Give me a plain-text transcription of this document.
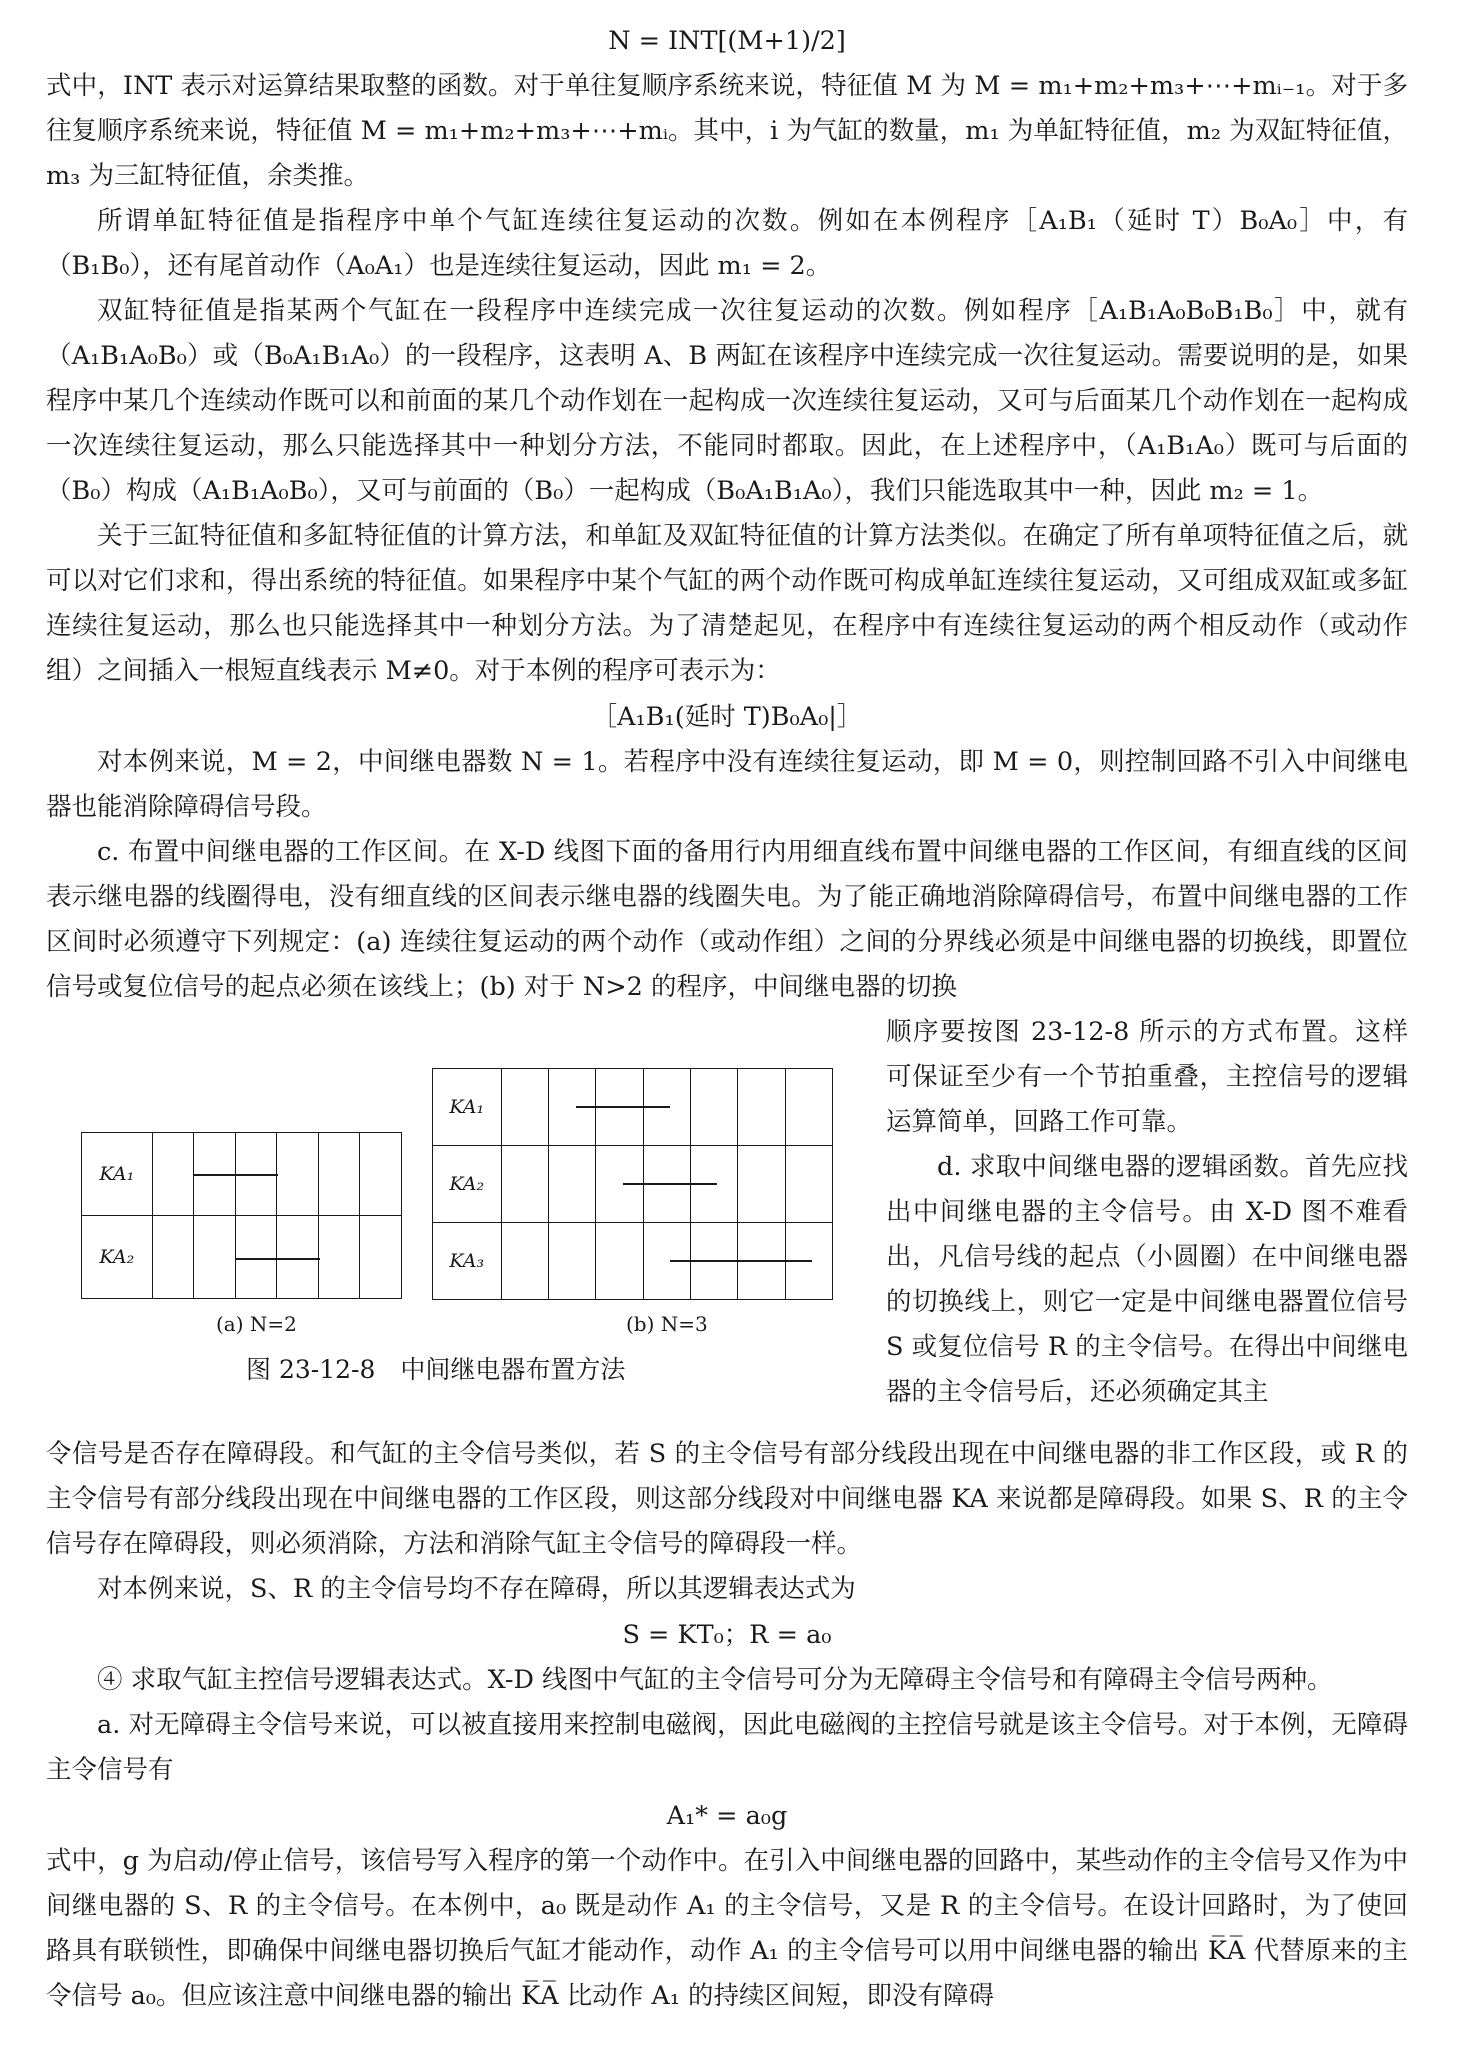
N = INT[(M+1)/2]

式中，INT 表示对运算结果取整的函数。对于单往复顺序系统来说，特征值 M 为 M = m₁+m₂+m₃+⋯+mᵢ₋₁。对于多往复顺序系统来说，特征值 M = m₁+m₂+m₃+⋯+mᵢ。其中，i 为气缸的数量，m₁ 为单缸特征值，m₂ 为双缸特征值，m₃ 为三缸特征值，余类推。

所谓单缸特征值是指程序中单个气缸连续往复运动的次数。例如在本例程序［A₁B₁（延时 T）B₀A₀］中，有（B₁B₀），还有尾首动作（A₀A₁）也是连续往复运动，因此 m₁ = 2。

双缸特征值是指某两个气缸在一段程序中连续完成一次往复运动的次数。例如程序［A₁B₁A₀B₀B₁B₀］中，就有（A₁B₁A₀B₀）或（B₀A₁B₁A₀）的一段程序，这表明 A、B 两缸在该程序中连续完成一次往复运动。需要说明的是，如果程序中某几个连续动作既可以和前面的某几个动作划在一起构成一次连续往复运动，又可与后面某几个动作划在一起构成一次连续往复运动，那么只能选择其中一种划分方法，不能同时都取。因此，在上述程序中，（A₁B₁A₀）既可与后面的（B₀）构成（A₁B₁A₀B₀），又可与前面的（B₀）一起构成（B₀A₁B₁A₀），我们只能选取其中一种，因此 m₂ = 1。

关于三缸特征值和多缸特征值的计算方法，和单缸及双缸特征值的计算方法类似。在确定了所有单项特征值之后，就可以对它们求和，得出系统的特征值。如果程序中某个气缸的两个动作既可构成单缸连续往复运动，又可组成双缸或多缸连续往复运动，那么也只能选择其中一种划分方法。为了清楚起见，在程序中有连续往复运动的两个相反动作（或动作组）之间插入一根短直线表示 M≠0。对于本例的程序可表示为：

［A₁B₁(延时 T)B₀A₀|］

对本例来说，M = 2，中间继电器数 N = 1。若程序中没有连续往复运动，即 M = 0，则控制回路不引入中间继电器也能消除障碍信号段。

c. 布置中间继电器的工作区间。在 X-D 线图下面的备用行内用细直线布置中间继电器的工作区间，有细直线的区间表示继电器的线圈得电，没有细直线的区间表示继电器的线圈失电。为了能正确地消除障碍信号，布置中间继电器的工作区间时必须遵守下列规定：(a) 连续往复运动的两个动作（或动作组）之间的分界线必须是中间继电器的切换线，即置位信号或复位信号的起点必须在该线上；(b) 对于 N>2 的程序，中间继电器的切换

KA₁						
KA₂						
(a) N=2
KA₁							
KA₂							
KA₃							
(b) N=3
图 23-12-8　中间继电器布置方法

顺序要按图 23-12-8 所示的方式布置。这样可保证至少有一个节拍重叠，主控信号的逻辑运算简单，回路工作可靠。

d. 求取中间继电器的逻辑函数。首先应找出中间继电器的主令信号。由 X-D 图不难看出，凡信号线的起点（小圆圈）在中间继电器的切换线上，则它一定是中间继电器置位信号 S 或复位信号 R 的主令信号。在得出中间继电器的主令信号后，还必须确定其主

令信号是否存在障碍段。和气缸的主令信号类似，若 S 的主令信号有部分线段出现在中间继电器的非工作区段，或 R 的主令信号有部分线段出现在中间继电器的工作区段，则这部分线段对中间继电器 KA 来说都是障碍段。如果 S、R 的主令信号存在障碍段，则必须消除，方法和消除气缸主令信号的障碍段一样。

对本例来说，S、R 的主令信号均不存在障碍，所以其逻辑表达式为

S = KT₀；R = a₀

④ 求取气缸主控信号逻辑表达式。X-D 线图中气缸的主令信号可分为无障碍主令信号和有障碍主令信号两种。

a. 对无障碍主令信号来说，可以被直接用来控制电磁阀，因此电磁阀的主控信号就是该主令信号。对于本例，无障碍主令信号有

A₁* = a₀g

式中，g 为启动/停止信号，该信号写入程序的第一个动作中。在引入中间继电器的回路中，某些动作的主令信号又作为中间继电器的 S、R 的主令信号。在本例中，a₀ 既是动作 A₁ 的主令信号，又是 R 的主令信号。在设计回路时，为了使回路具有联锁性，即确保中间继电器切换后气缸才能动作，动作 A₁ 的主令信号可以用中间继电器的输出 K̅A̅ 代替原来的主令信号 a₀。但应该注意中间继电器的输出 K̅A̅ 比动作 A₁ 的持续区间短，即没有障碍
